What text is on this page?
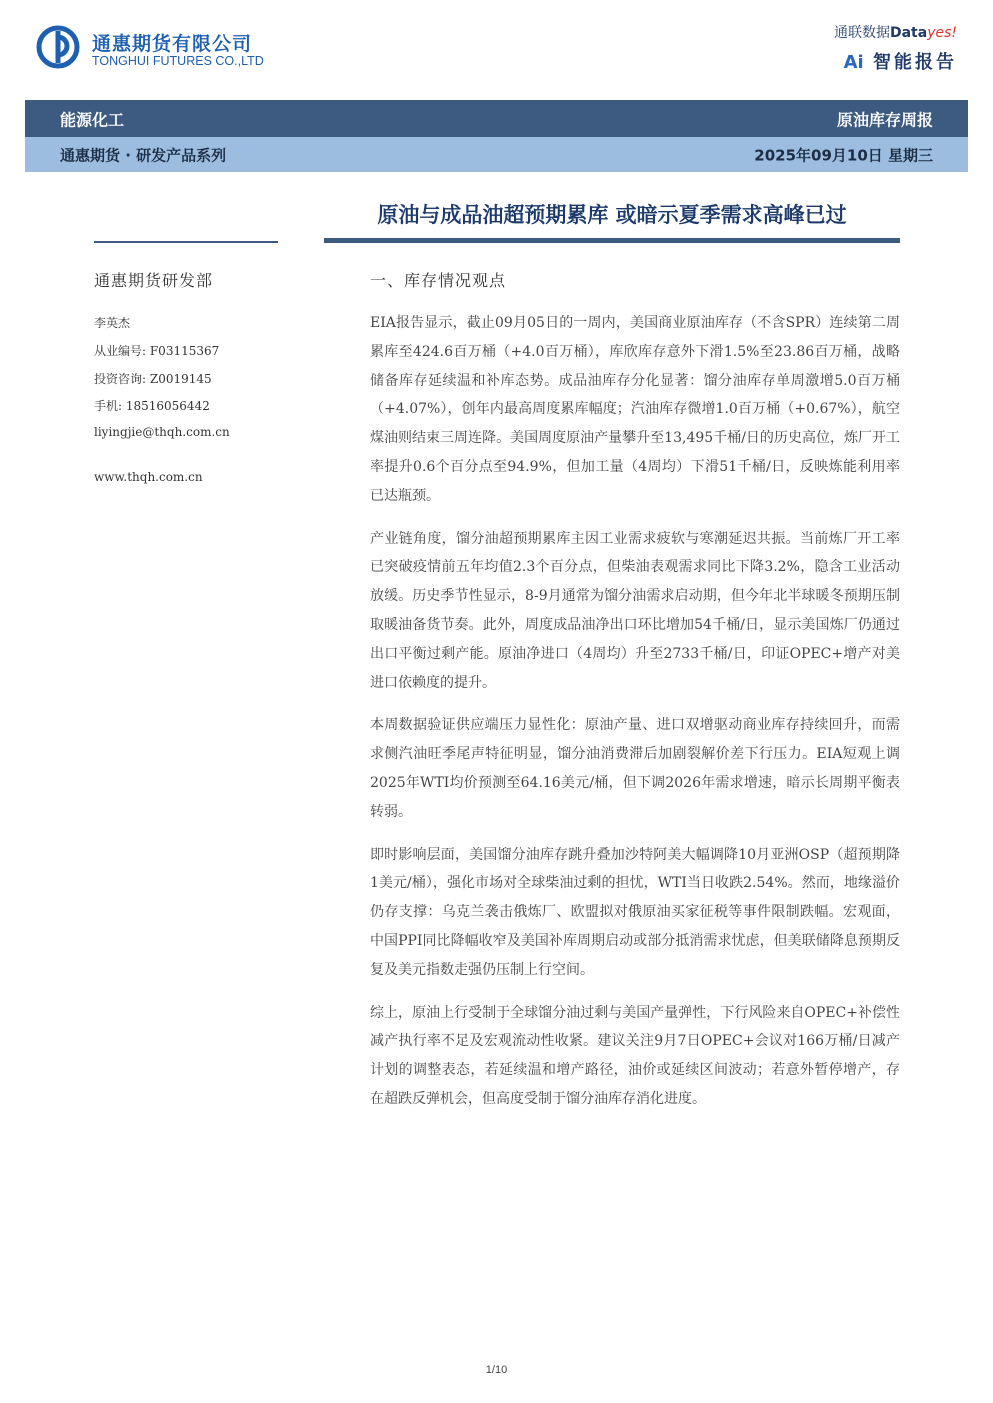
通惠期货有限公司
TONGHUI FUTURES CO.,LTD
通联数据Datayes!
Ai 智能报告
能源化工	原油库存周报
通惠期货 · 研发产品系列	2025年09月10日 星期三
原油与成品油超预期累库 或暗示夏季需求高峰已过
通惠期货研发部
李英杰
从业编号: F03115367
投资咨询: Z0019145
手机: 18516056442
liyingjie@thqh.com.cn
www.thqh.com.cn
一、库存情况观点

EIA报告显示，截止09月05日的一周内，美国商业原油库存（不含SPR）连续第二周累库至424.6百万桶（+4.0百万桶），库欣库存意外下滑1.5%至23.86百万桶，战略储备库存延续温和补库态势。成品油库存分化显著：馏分油库存单周激增5.0百万桶（+4.07%），创年内最高周度累库幅度；汽油库存微增1.0百万桶（+0.67%），航空煤油则结束三周连降。美国周度原油产量攀升至13,495千桶/日的历史高位，炼厂开工率提升0.6个百分点至94.9%，但加工量（4周均）下滑51千桶/日，反映炼能利用率已达瓶颈。

产业链角度，馏分油超预期累库主因工业需求疲软与寒潮延迟共振。当前炼厂开工率已突破疫情前五年均值2.3个百分点，但柴油表观需求同比下降3.2%，隐含工业活动放缓。历史季节性显示，8-9月通常为馏分油需求启动期，但今年北半球暖冬预期压制取暖油备货节奏。此外，周度成品油净出口环比增加54千桶/日，显示美国炼厂仍通过出口平衡过剩产能。原油净进口（4周均）升至2733千桶/日，印证OPEC+增产对美进口依赖度的提升。

本周数据验证供应端压力显性化：原油产量、进口双增驱动商业库存持续回升，而需求侧汽油旺季尾声特征明显，馏分油消费滞后加剧裂解价差下行压力。EIA短观上调2025年WTI均价预测至64.16美元/桶，但下调2026年需求增速，暗示长周期平衡表转弱。

即时影响层面，美国馏分油库存跳升叠加沙特阿美大幅调降10月亚洲OSP（超预期降1美元/桶），强化市场对全球柴油过剩的担忧，WTI当日收跌2.54%。然而，地缘溢价仍存支撑：乌克兰袭击俄炼厂、欧盟拟对俄原油买家征税等事件限制跌幅。宏观面，中国PPI同比降幅收窄及美国补库周期启动或部分抵消需求忧虑，但美联储降息预期反复及美元指数走强仍压制上行空间。

综上，原油上行受制于全球馏分油过剩与美国产量弹性，下行风险来自OPEC+补偿性减产执行率不足及宏观流动性收紧。建议关注9月7日OPEC+会议对166万桶/日减产计划的调整表态，若延续温和增产路径，油价或延续区间波动；若意外暂停增产，存在超跌反弹机会，但高度受制于馏分油库存消化进度。

1/10
